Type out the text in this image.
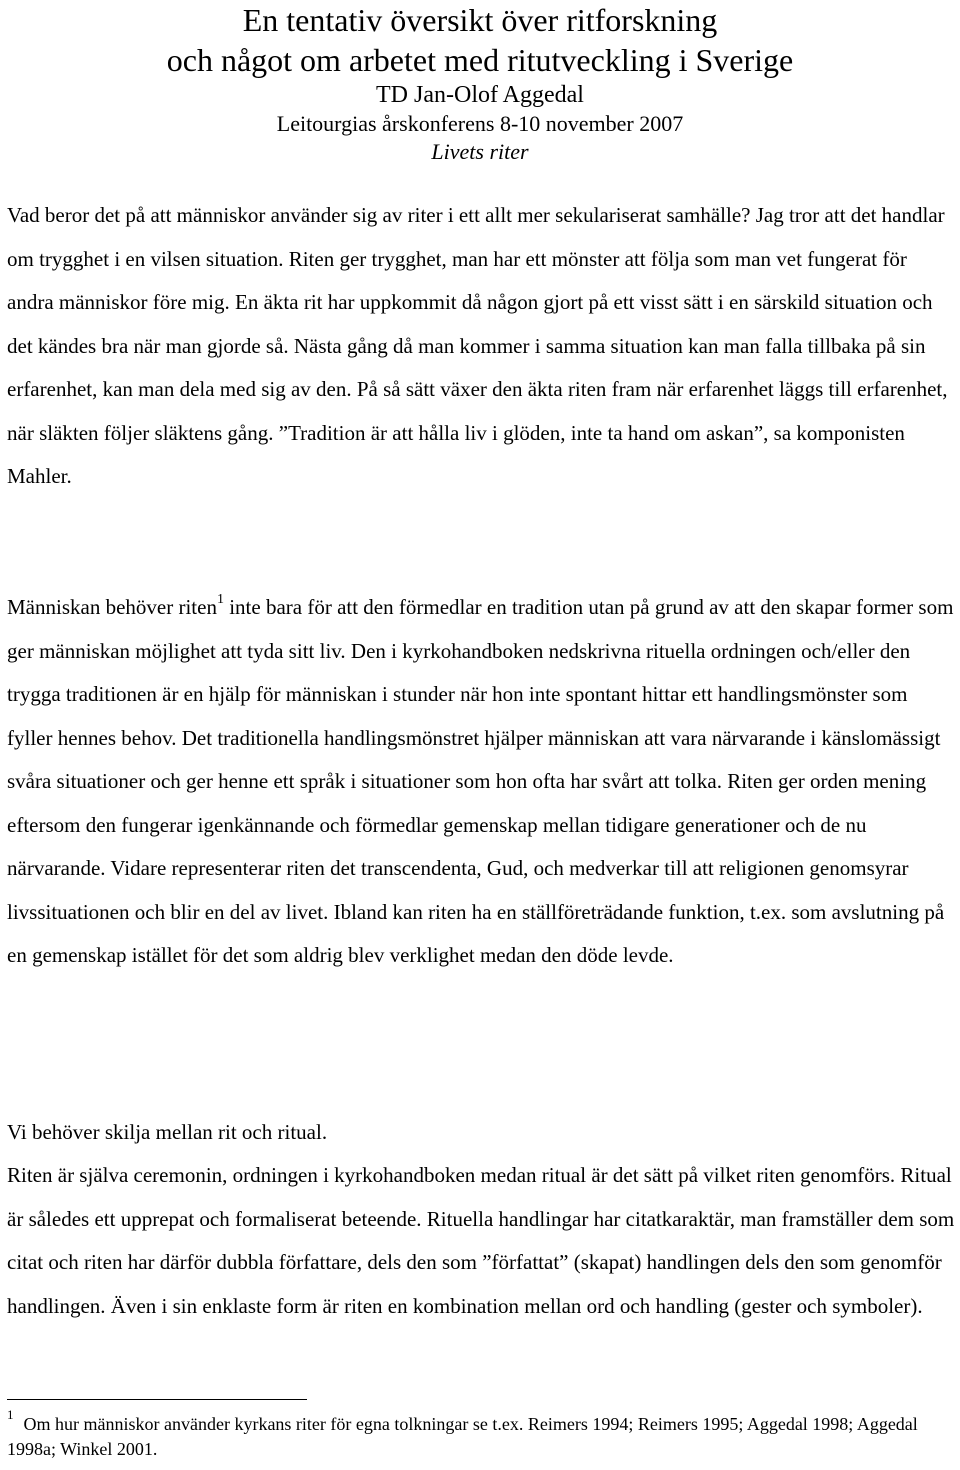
En tentativ översikt över ritforskning

och något om arbetet med ritutveckling i Sverige

TD Jan-Olof Aggedal

Leitourgias årskonferens 8-10 november 2007

Livets riter

Vad beror det på att människor använder sig av riter i ett allt mer sekulariserat samhälle? Jag tror att det handlar om trygghet i en vilsen situation. Riten ger trygghet, man har ett mönster att följa som man vet fungerat för andra människor före mig. En äkta rit har uppkommit då någon gjort på ett visst sätt i en särskild situation och det kändes bra när man gjorde så. Nästa gång då man kommer i samma situation kan man falla tillbaka på sin erfarenhet, kan man dela med sig av den. På så sätt växer den äkta riten fram när erfarenhet läggs till erfarenhet, när släkten följer släktens gång. ”Tradition är att hålla liv i glöden, inte ta hand om askan”, sa komponisten Mahler.

Människan behöver riten$^1$ inte bara för att den förmedlar en tradition utan på grund av att den skapar former som ger människan möjlighet att tyda sitt liv. Den i kyrkohandboken nedskrivna rituella ordningen och/eller den trygga traditionen är en hjälp för människan i stunder när hon inte spontant hittar ett handlingsmönster som fyller hennes behov. Det traditionella handlingsmönstret hjälper människan att vara närvarande i känslomässigt svåra situationer och ger henne ett språk i situationer som hon ofta har svårt att tolka. Riten ger orden mening eftersom den fungerar igenkännande och förmedlar gemenskap mellan tidigare generationer och de nu närvarande. Vidare representerar riten det transcendenta, Gud, och medverkar till att religionen genomsyrar livssituationen och blir en del av livet. Ibland kan riten ha en ställföreträdande funktion, t.ex. som avslutning på en gemenskap istället för det som aldrig blev verklighet medan den döde levde.

Vi behöver skilja mellan rit och ritual.

Riten är själva ceremonin, ordningen i kyrkohandboken medan ritual är det sätt på vilket riten genomförs. Ritual är således ett upprepat och formaliserat beteende. Rituella handlingar har citatkaraktär, man framställer dem som citat och riten har därför dubbla författare, dels den som ”författat” (skapat) handlingen dels den som genomför handlingen. Även i sin enklaste form är riten en kombination mellan ord och handling (gester och symboler).

$^1$ Om hur människor använder kyrkans riter för egna tolkningar se t.ex. Reimers 1994; Reimers 1995; Aggedal 1998; Aggedal 1998a; Winkel 2001.
